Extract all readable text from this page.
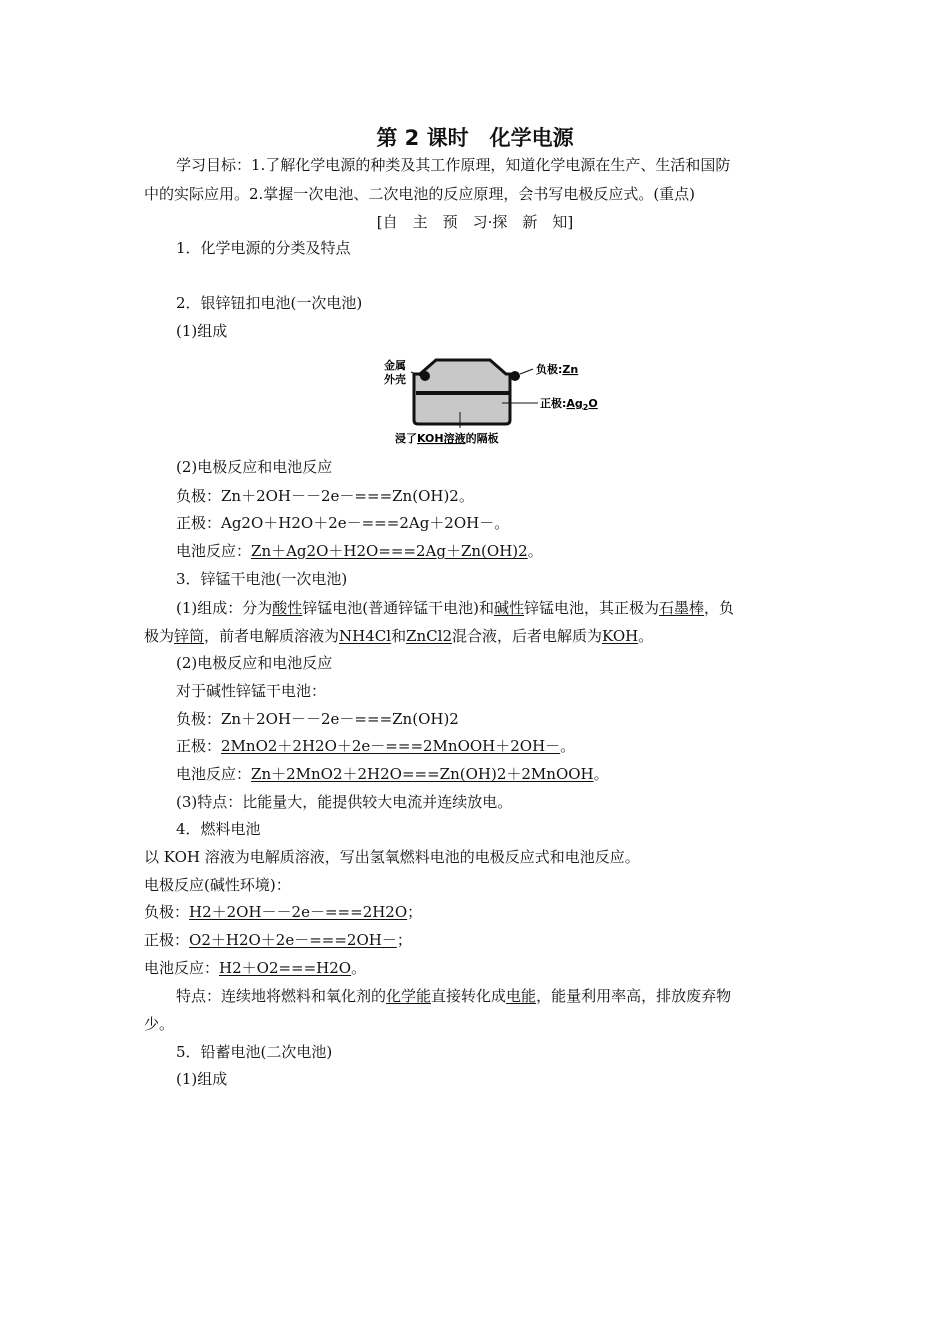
第 2 课时　化学电源
学习目标：1.了解化学电源的种类及其工作原理，知道化学电源在生产、生活和国防
中的实际应用。2.掌握一次电池、二次电池的反应原理，会书写电极反应式。(重点)
[自　主　预　习·探　新　知]
1．化学电源的分类及特点
2．银锌钮扣电池(一次电池)
(1)组成
金属
外壳
负极:Zn
正极$:Ag_2O$
浸了KOH溶液的隔板
(2)电极反应和电池反应
负极：Zn＋2OH－－2e－===Zn(OH)2。
正极：Ag2O＋H2O＋2e－===2Ag＋2OH－。
电池反应：Zn＋Ag2O＋H2O===2Ag＋Zn(OH)2。
3．锌锰干电池(一次电池)
(1)组成：分为酸性锌锰电池(普通锌锰干电池)和碱性锌锰电池，其正极为石墨棒，负
极为锌筒，前者电解质溶液为NH4Cl和ZnCl2混合液，后者电解质为KOH。
(2)电极反应和电池反应
对于碱性锌锰干电池：
负极：Zn＋2OH－－2e－===Zn(OH)2
正极：2MnO2＋2H2O＋2e－===2MnOOH＋2OH－。
电池反应：Zn＋2MnO2＋2H2O===Zn(OH)2＋2MnOOH。
(3)特点：比能量大，能提供较大电流并连续放电。
4．燃料电池
以 KOH 溶液为电解质溶液，写出氢氧燃料电池的电极反应式和电池反应。
电极反应(碱性环境)：
负极：H2＋2OH－－2e－===2H2O；
正极：O2＋H2O＋2e－===2OH－；
电池反应：H2＋O2===H2O。
特点：连续地将燃料和氧化剂的化学能直接转化成电能，能量利用率高，排放废弃物
少。
5．铅蓄电池(二次电池)
(1)组成
